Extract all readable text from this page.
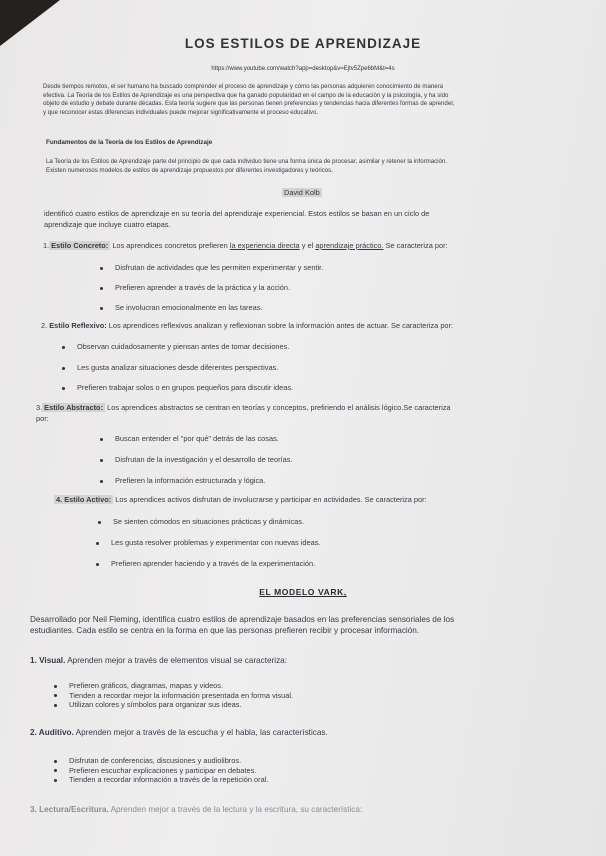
LOS ESTILOS DE APRENDIZAJE
https://www.youtube.com/watch?app=desktop&v=Ejtv5Zpe6bM&t=4s
Desde tiempos remotos, el ser humano ha buscado comprender el proceso de aprendizaje y cómo las personas adquieren conocimiento de manera
efectiva. La Teoría de los Estilos de Aprendizaje es una perspectiva que ha ganado popularidad en el campo de la educación y la psicología, y ha sido
objeto de estudio y debate durante décadas. Esta teoría sugiere que las personas tienen preferencias y tendencias hacia diferentes formas de aprender,
y que reconocer estas diferencias individuales puede mejorar significativamente el proceso educativo.
Fundamentos de la Teoría de los Estilos de Aprendizaje
La Teoría de los Estilos de Aprendizaje parte del principio de que cada individuo tiene una forma única de procesar, asimilar y retener la información.
Existen numerosos modelos de estilos de aprendizaje propuestos por diferentes investigadores y teóricos.
David Kolb
identificó cuatro estilos de aprendizaje en su teoría del aprendizaje experiencial. Estos estilos se basan en un ciclo de
aprendizaje que incluye cuatro etapas.
1. Estilo Concreto: Los aprendices concretos prefieren la experiencia directa y el aprendizaje práctico. Se caracteriza por:
Disfrutan de actividades que les permiten experimentar y sentir.
Prefieren aprender a través de la práctica y la acción.
Se involucran emocionalmente en las tareas.
2. Estilo Reflexivo: Los aprendices reflexivos analizan y reflexionan sobre la información antes de actuar. Se caracteriza por:
Observan cuidadosamente y piensan antes de tomar decisiones.
Les gusta analizar situaciones desde diferentes perspectivas.
Prefieren trabajar solos o en grupos pequeños para discutir ideas.
3. Estilo Abstracto: Los aprendices abstractos se centran en teorías y conceptos, prefiriendo el análisis lógico.Se caracteriza
por:
Buscan entender el "por qué" detrás de las cosas.
Disfrutan de la investigación y el desarrollo de teorías.
Prefieren la información estructurada y lógica.
4. Estilo Activo: Los aprendices activos disfrutan de involucrarse y participar en actividades. Se caracteriza por:
Se sienten cómodos en situaciones prácticas y dinámicas.
Les gusta resolver problemas y experimentar con nuevas ideas.
Prefieren aprender haciendo y a través de la experimentación.
EL MODELO VARK,
Desarrollado por Neil Fleming, identifica cuatro estilos de aprendizaje basados en las preferencias sensoriales de los
estudiantes. Cada estilo se centra en la forma en que las personas prefieren recibir y procesar información.
1. Visual. Aprenden mejor a través de elementos visual se caracteriza:
Prefieren gráficos, diagramas, mapas y videos.
Tienden a recordar mejor la información presentada en forma visual.
Utilizan colores y símbolos para organizar sus ideas.
2. Auditivo. Aprenden mejor a través de la escucha y el habla, las características.
Disfrutan de conferencias, discusiones y audiolibros.
Prefieren escuchar explicaciones y participar en debates.
Tienden a recordar información a través de la repetición oral.
3. Lectura/Escritura. Aprenden mejor a través de la lectura y la escritura, su característica:
